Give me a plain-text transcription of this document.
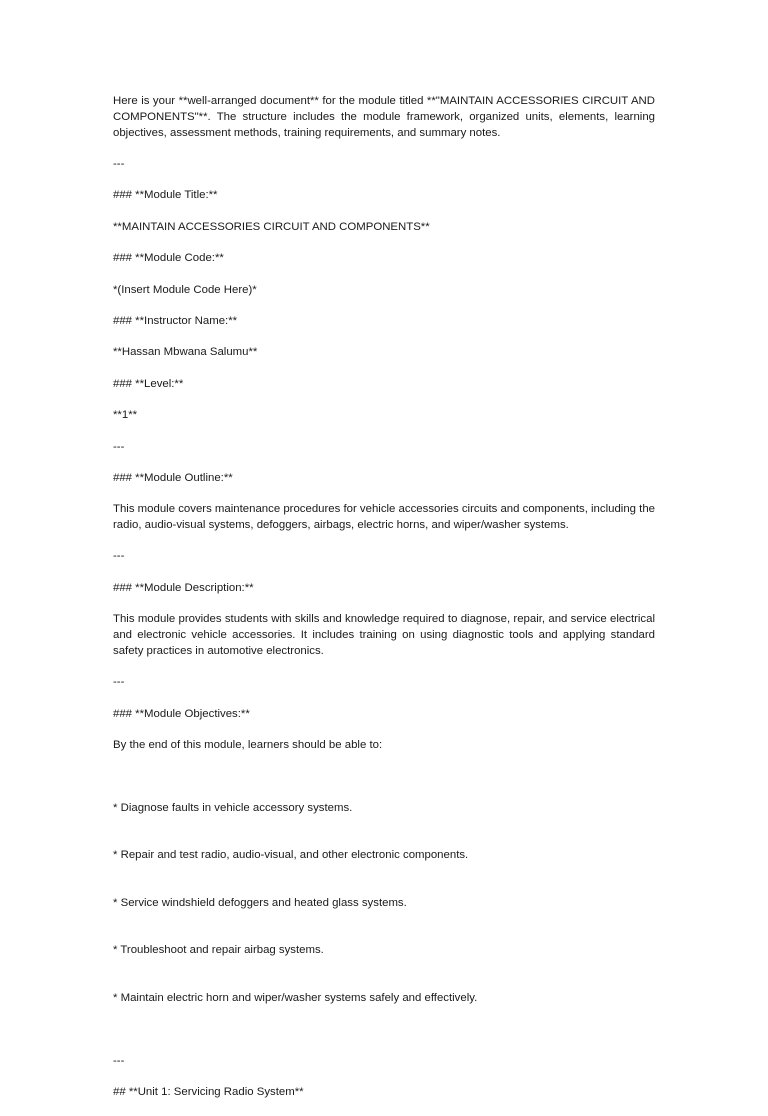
Here is your **well-arranged document** for the module titled **"MAINTAIN ACCESSORIES CIRCUIT AND COMPONENTS"**. The structure includes the module framework, organized units, elements, learning objectives, assessment methods, training requirements, and summary notes.

---

### **Module Title:**

**MAINTAIN ACCESSORIES CIRCUIT AND COMPONENTS**

### **Module Code:**

*(Insert Module Code Here)*

### **Instructor Name:**

**Hassan Mbwana Salumu**

### **Level:**

**1**

---

### **Module Outline:**

This module covers maintenance procedures for vehicle accessories circuits and components, including the radio, audio-visual systems, defoggers, airbags, electric horns, and wiper/washer systems.

---

### **Module Description:**

This module provides students with skills and knowledge required to diagnose, repair, and service electrical and electronic vehicle accessories. It includes training on using diagnostic tools and applying standard safety practices in automotive electronics.

---

### **Module Objectives:**

By the end of this module, learners should be able to:

* Diagnose faults in vehicle accessory systems.

* Repair and test radio, audio-visual, and other electronic components.

* Service windshield defoggers and heated glass systems.

* Troubleshoot and repair airbag systems.

* Maintain electric horn and wiper/washer systems safely and effectively.

---

## **Unit 1: Servicing Radio System**
